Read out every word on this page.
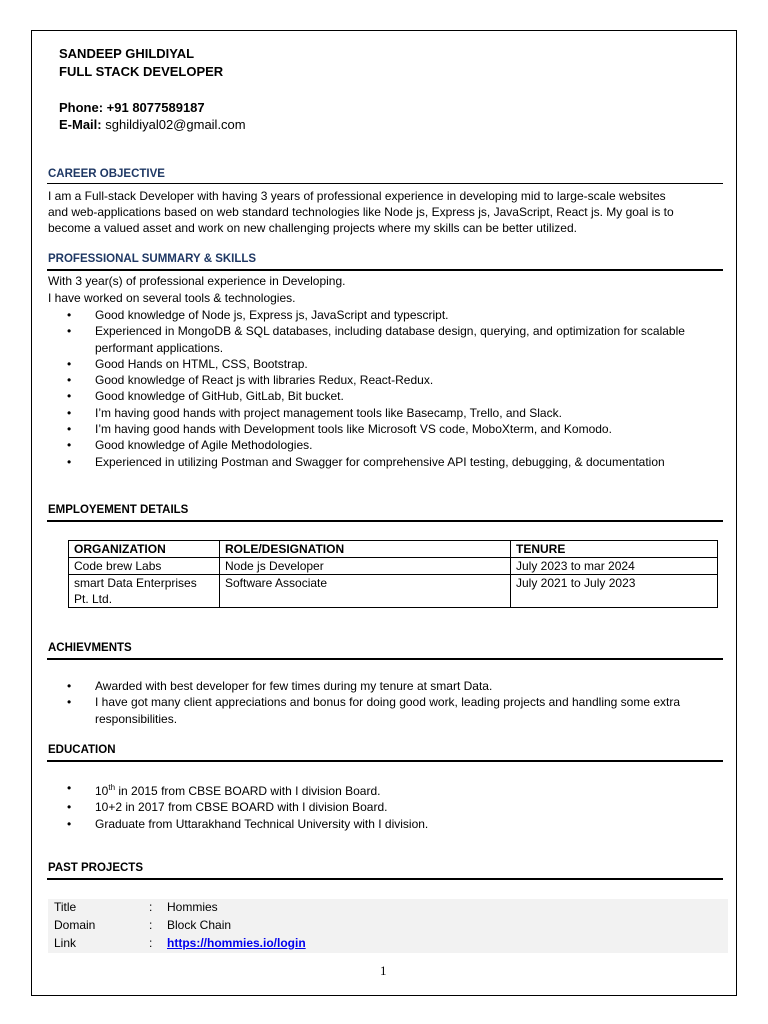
SANDEEP GHILDIYAL
FULL STACK DEVELOPER
Phone: +91 8077589187
E-Mail: sghildiyal02@gmail.com
CAREER OBJECTIVE
I am a Full-stack Developer with having 3 years of professional experience in developing mid to large-scale websites
and web-applications based on web standard technologies like Node js, Express js, JavaScript, React js. My goal is to
become a valued asset and work on new challenging projects where my skills can be better utilized.
PROFESSIONAL SUMMARY & SKILLS
With 3 year(s) of professional experience in Developing.
I have worked on several tools & technologies.
• Good knowledge of Node js, Express js, JavaScript and typescript.
• Experienced in MongoDB & SQL databases, including database design, querying, and optimization for scalable performant applications.
• Good Hands on HTML, CSS, Bootstrap.
• Good knowledge of React js with libraries Redux, React-Redux.
• Good knowledge of GitHub, GitLab, Bit bucket.
• I’m having good hands with project management tools like Basecamp, Trello, and Slack.
• I’m having good hands with Development tools like Microsoft VS code, MoboXterm, and Komodo.
• Good knowledge of Agile Methodologies.
• Experienced in utilizing Postman and Swagger for comprehensive API testing, debugging, & documentation
EMPLOYEMENT DETAILS
ORGANIZATION	ROLE/DESIGNATION	TENURE
Code brew Labs	Node js Developer	July 2023 to mar 2024
smart Data Enterprises Pt. Ltd.	Software Associate	July 2021 to July 2023
ACHIEVMENTS
• Awarded with best developer for few times during my tenure at smart Data.
• I have got many client appreciations and bonus for doing good work, leading projects and handling some extra responsibilities.
EDUCATION
• 10th in 2015 from CBSE BOARD with I division Board.
• 10+2 in 2017 from CBSE BOARD with I division Board.
• Graduate from Uttarakhand Technical University with I division.
PAST PROJECTS
Title	: Hommies
Domain	: Block Chain
Link	: https://hommies.io/login
1
